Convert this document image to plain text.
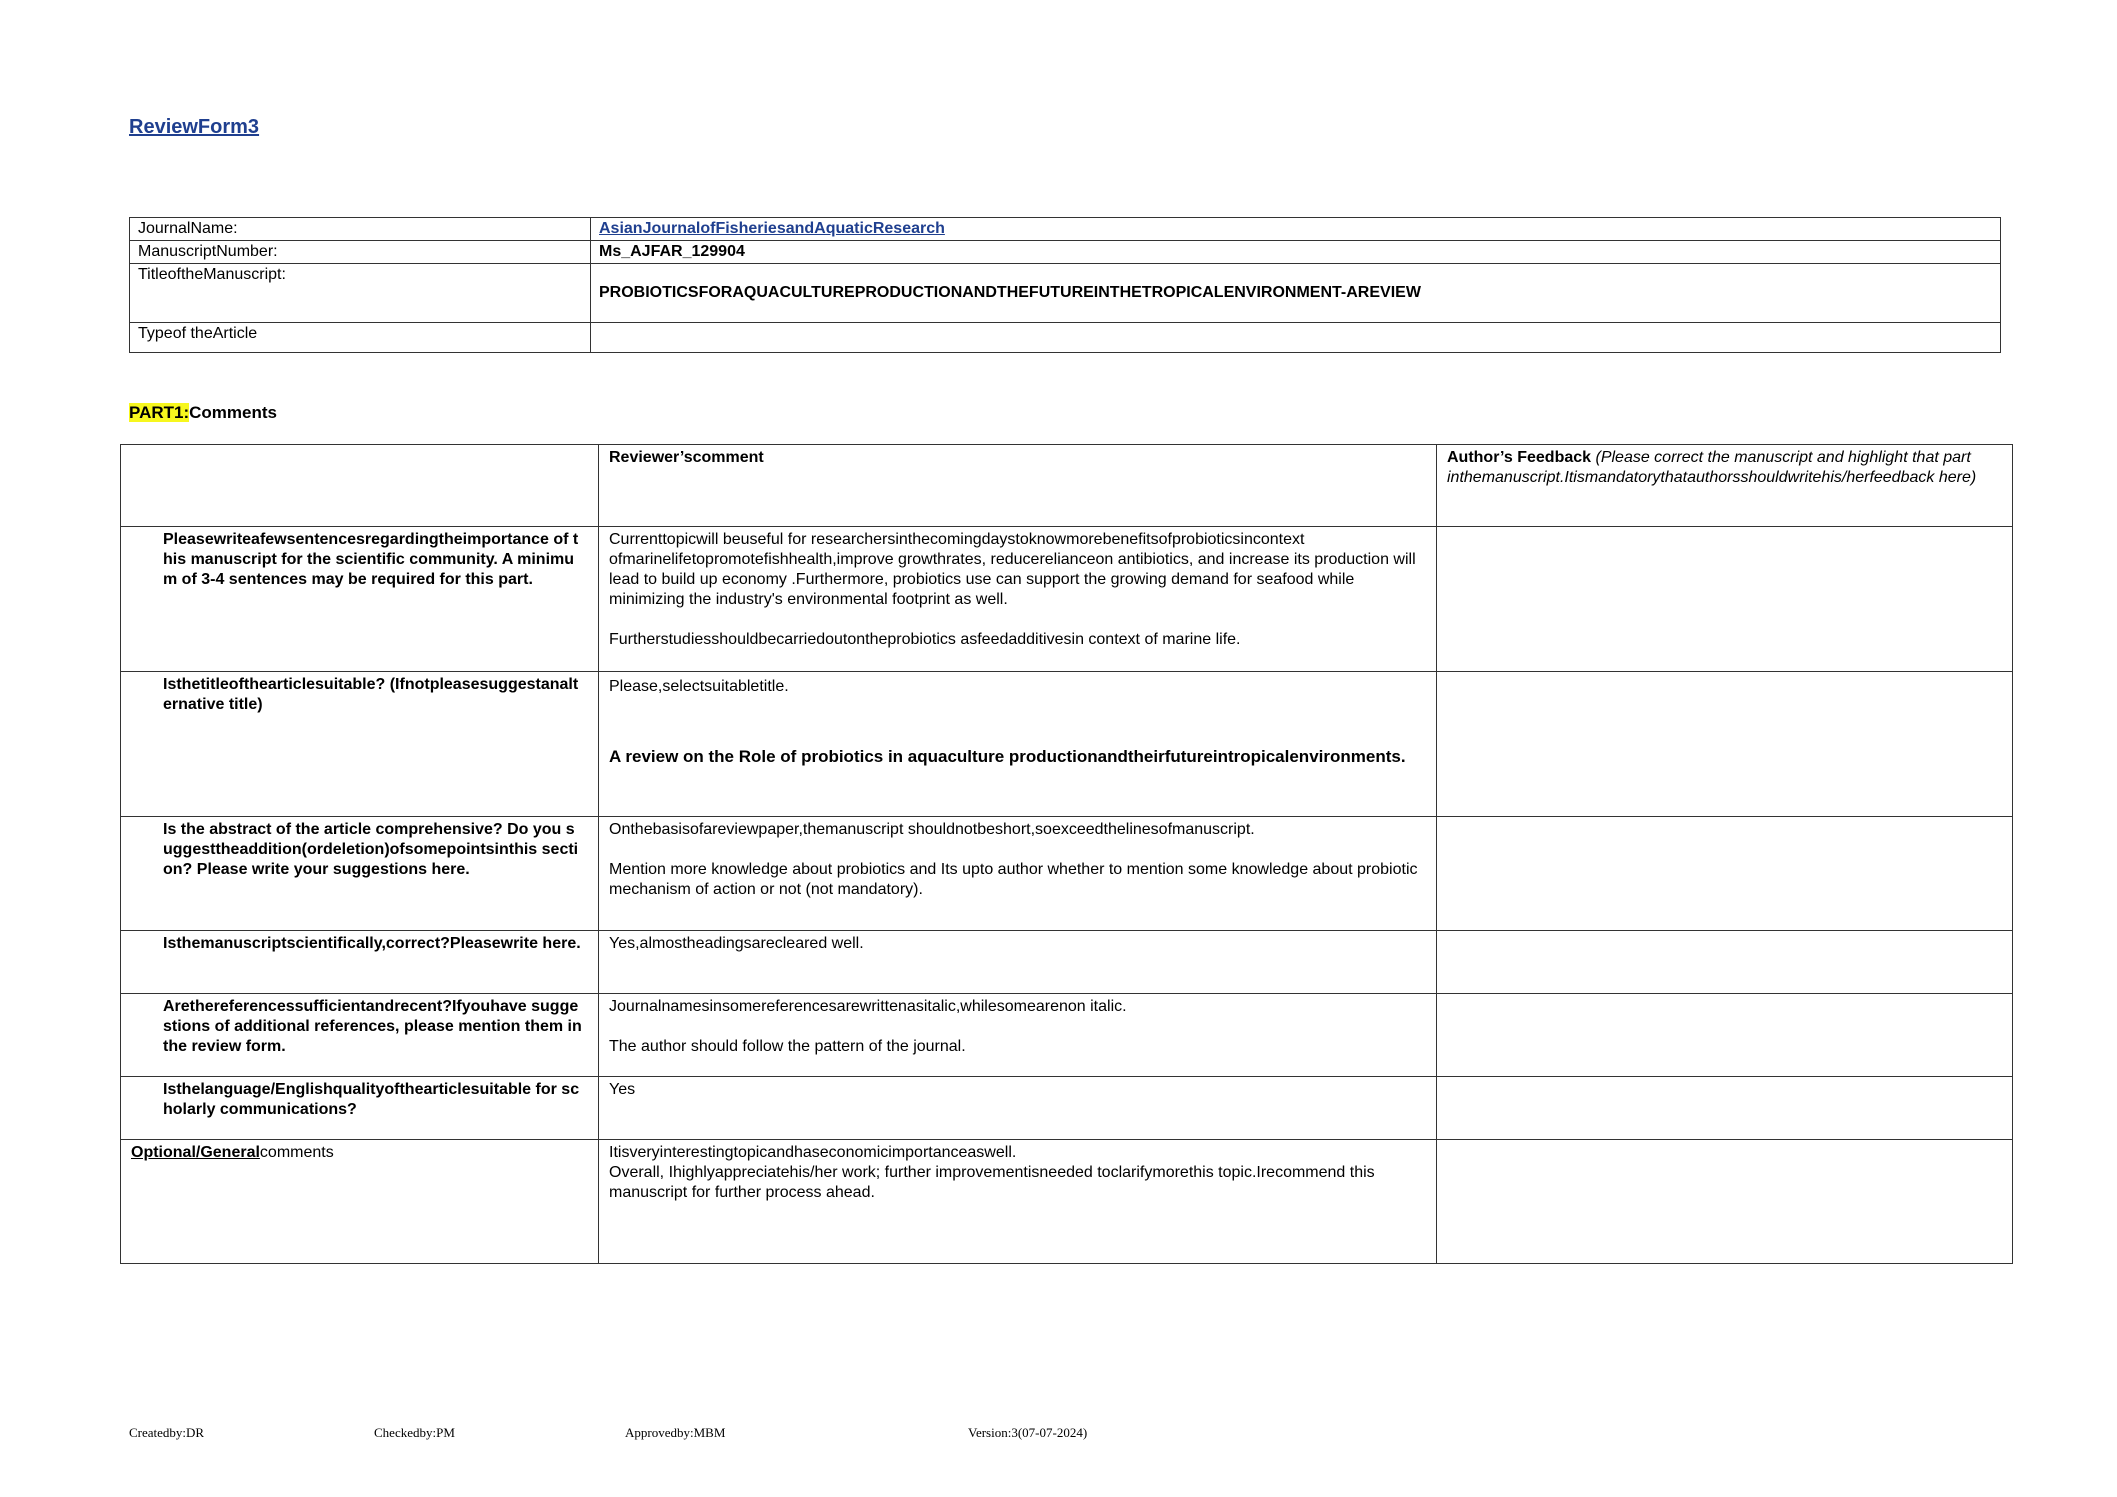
ReviewForm3
JournalName:	AsianJournalofFisheriesandAquaticResearch
ManuscriptNumber:	Ms_AJFAR_129904
TitleoftheManuscript:	PROBIOTICSFORAQUACULTUREPRODUCTIONANDTHEFUTUREINTHETROPICALENVIRONMENT-AREVIEW
Typeof theArticle	
PART1:Comments
	Reviewer’scomment	Author’s Feedback (Please correct the manuscript and highlight that part inthemanuscript.Itismandatorythatauthorsshouldwritehis/herfeedback here)
Pleasewriteafewsentencesregardingtheimportance of this manuscript for the scientific community. A minimum of 3-4 sentences may be required for this part.	Currenttopicwill beuseful for researchersinthecomingdaystoknowmorebenefitsofprobioticsincontext ofmarinelifetopromotefishhealth,improve growthrates, reducerelianceon antibiotics, and increase its production will lead to build up economy .Furthermore, probiotics use can support the growing demand for seafood while minimizing the industry's environmental footprint as well.

Furtherstudiesshouldbecarriedoutontheprobiotics asfeedadditivesin context of marine life.	

Isthetitleofthearticlesuitable? (Ifnotpleasesuggestanalternative title)	Please,selectsuitabletitle.

A review on the Role of probiotics in aquaculture productionandtheirfutureintropicalenvironments.	

Is the abstract of the article comprehensive? Do you suggesttheaddition(ordeletion)ofsomepointsinthis section? Please write your suggestions here.	Onthebasisofareviewpaper,themanuscript shouldnotbeshort,soexceedthelinesofmanuscript.

Mention more knowledge about probiotics and Its upto author whether to mention some knowledge about probiotic mechanism of action or not (not mandatory).	

Isthemanuscriptscientifically,correct?Pleasewrite here.	Yes,almostheadingsarecleared well.	

Arethereferencessufficientandrecent?Ifyouhave suggestions of additional references, please mention them in the review form.	Journalnamesinsomereferencesarewrittenasitalic,whilesomearenon italic.

The author should follow the pattern of the journal.	

Isthelanguage/Englishqualityofthearticlesuitable for scholarly communications?	Yes	

Optional/Generalcomments	Itisveryinterestingtopicandhaseconomicimportanceaswell.

Overall, Ihighlyappreciatehis/her work; further improvementisneeded toclarifymorethis topic.Irecommend this manuscript for further process ahead.	

Createdby:DR	Checkedby:PM	Approvedby:MBM	Version:3(07-07-2024)
